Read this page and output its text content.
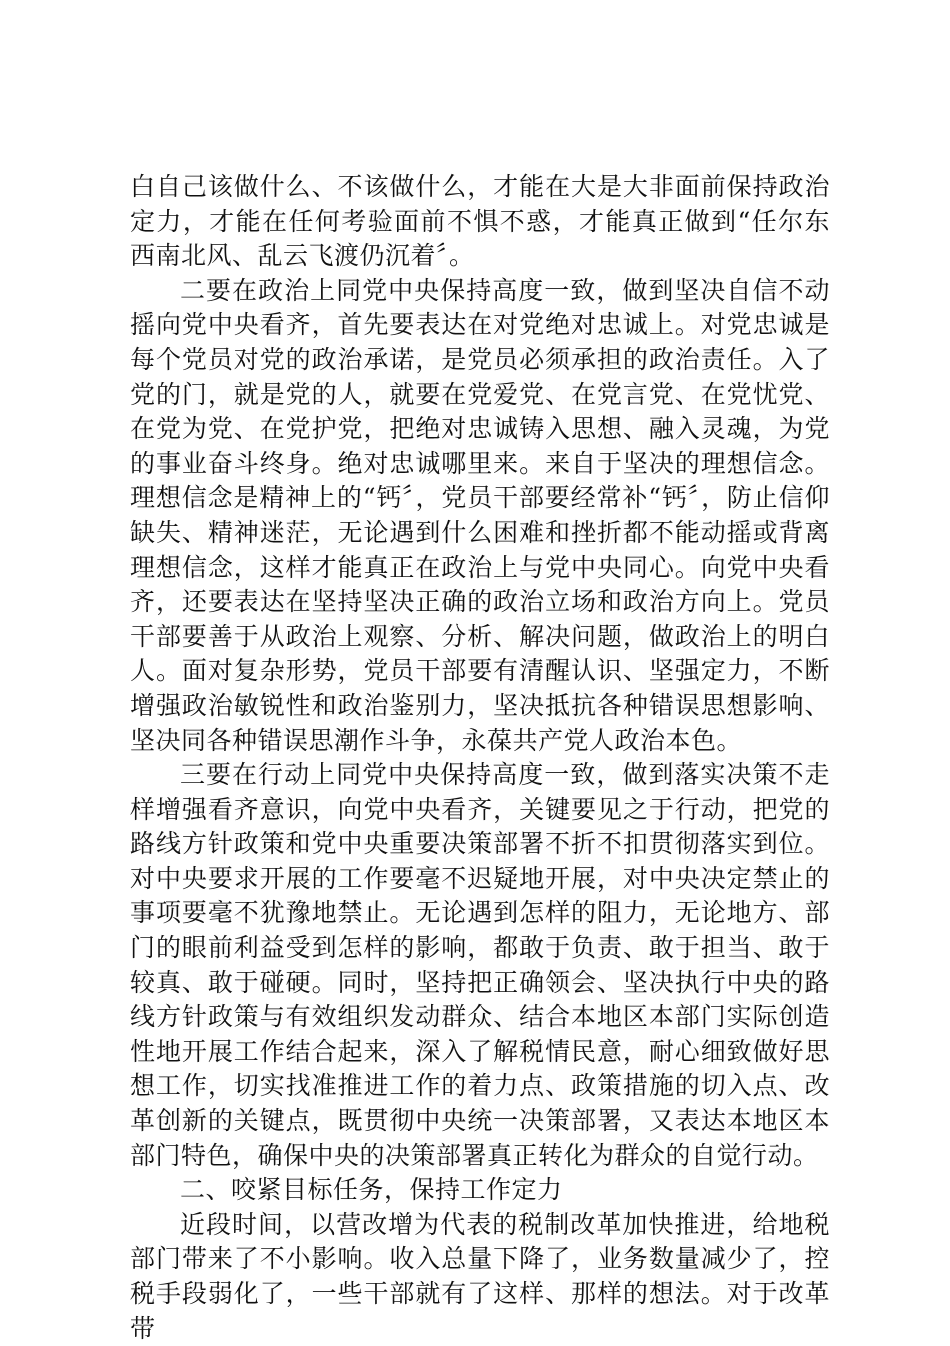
白自己该做什么、不该做什么，才能在大是大非面前保持政治定力，才能在任何考验面前不惧不惑，才能真正做到“任尔东西南北风、乱云飞渡仍沉着〞。

二要在政治上同党中央保持高度一致，做到坚决自信不动摇向党中央看齐，首先要表达在对党绝对忠诚上。对党忠诚是每个党员对党的政治承诺，是党员必须承担的政治责任。入了党的门，就是党的人，就要在党爱党、在党言党、在党忧党、在党为党、在党护党，把绝对忠诚铸入思想、融入灵魂，为党的事业奋斗终身。绝对忠诚哪里来。来自于坚决的理想信念。理想信念是精神上的“钙〞，党员干部要经常补“钙〞，防止信仰缺失、精神迷茫，无论遇到什么困难和挫折都不能动摇或背离理想信念，这样才能真正在政治上与党中央同心。向党中央看齐，还要表达在坚持坚决正确的政治立场和政治方向上。党员干部要善于从政治上观察、分析、解决问题，做政治上的明白人。面对复杂形势，党员干部要有清醒认识、坚强定力，不断增强政治敏锐性和政治鉴别力，坚决抵抗各种错误思想影响、坚决同各种错误思潮作斗争，永葆共产党人政治本色。

三要在行动上同党中央保持高度一致，做到落实决策不走样增强看齐意识，向党中央看齐，关键要见之于行动，把党的路线方针政策和党中央重要决策部署不折不扣贯彻落实到位。对中央要求开展的工作要毫不迟疑地开展，对中央决定禁止的事项要毫不犹豫地禁止。无论遇到怎样的阻力，无论地方、部门的眼前利益受到怎样的影响，都敢于负责、敢于担当、敢于较真、敢于碰硬。同时，坚持把正确领会、坚决执行中央的路线方针政策与有效组织发动群众、结合本地区本部门实际创造性地开展工作结合起来，深入了解税情民意，耐心细致做好思想工作，切实找准推进工作的着力点、政策措施的切入点、改革创新的关键点，既贯彻中央统一决策部署，又表达本地区本部门特色，确保中央的决策部署真正转化为群众的自觉行动。

二、咬紧目标任务，保持工作定力

近段时间，以营改增为代表的税制改革加快推进，给地税部门带来了不小影响。收入总量下降了，业务数量减少了，控税手段弱化了，一些干部就有了这样、那样的想法。对于改革带
